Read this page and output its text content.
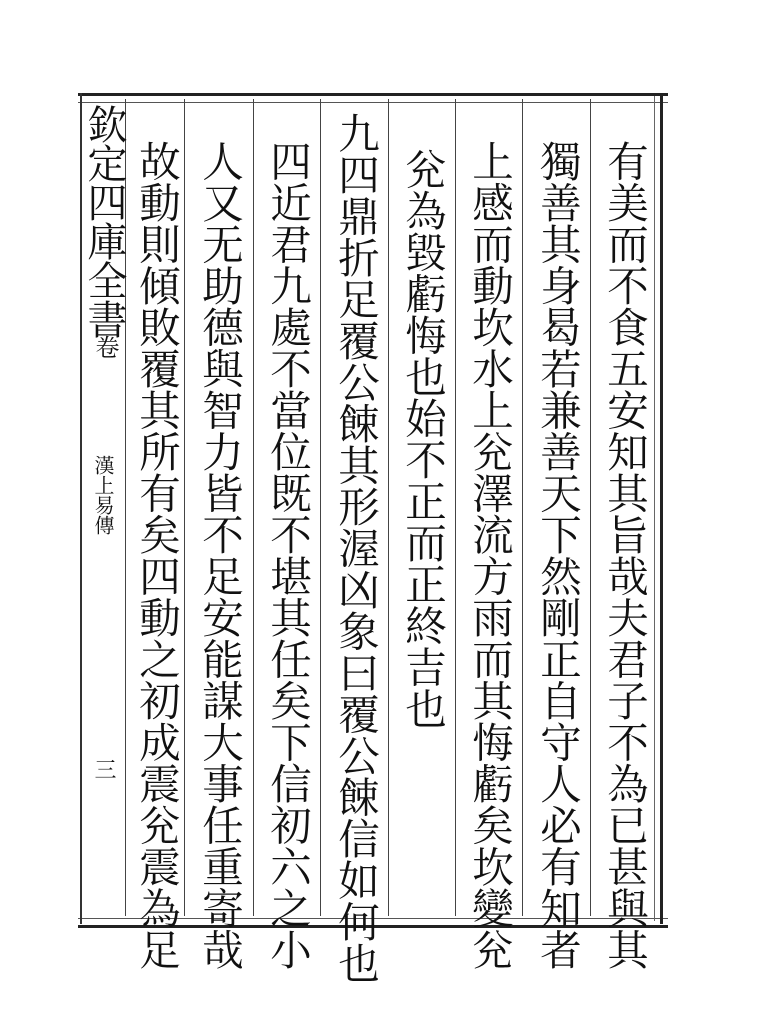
欽定四庫全書
卷
漢上易傳
三	有美而不食五安知其旨哉夫君子不為已甚與其
獨善其身曷若兼善天下然剛正自守人必有知者
上感而動坎水上兊澤流方雨而其悔虧矣坎變兊
兊為毀虧悔也始不正而正終吉也
九四鼎折足覆公餗其形渥凶象曰覆公餗信如何也
四近君九處不當位既不堪其任矣下信初六之小
人又无助德與智力皆不足安能謀大事任重寄哉
故動則傾敗覆其所有矣四動之初成震兊震為足
